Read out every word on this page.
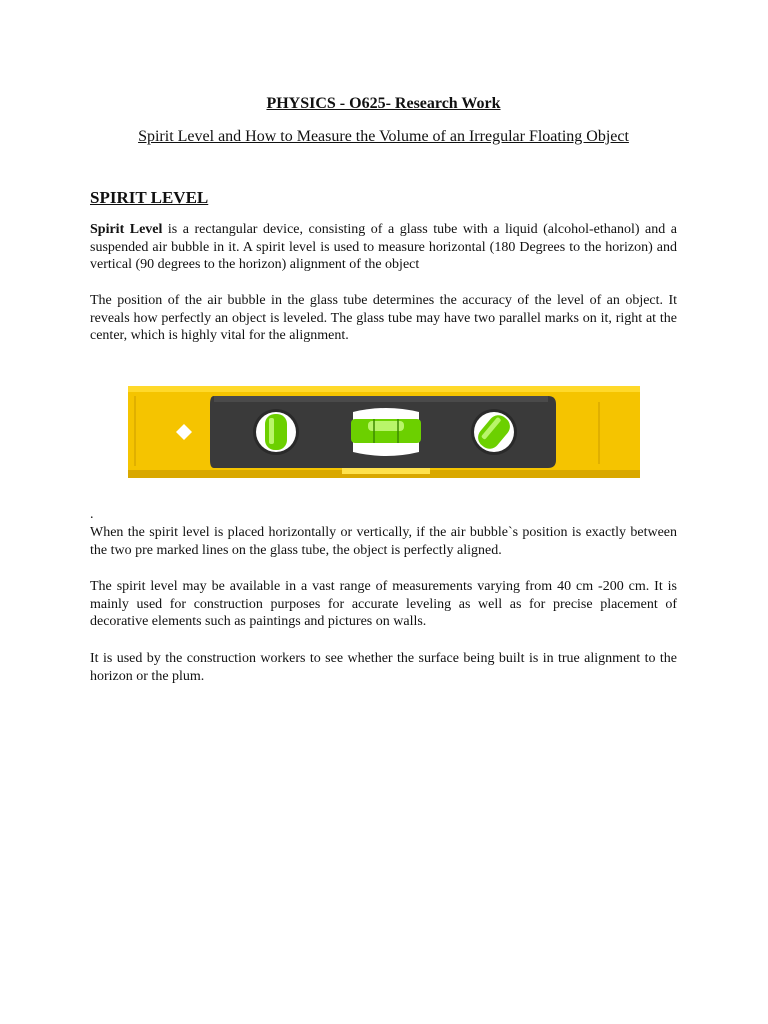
PHYSICS - O625- Research Work
Spirit Level and How to Measure the Volume of an Irregular Floating Object
SPIRIT LEVEL
Spirit Level is a rectangular device, consisting of a glass tube with a liquid (alcohol-ethanol) and a suspended air bubble in it. A spirit level is used to measure horizontal (180 Degrees to the horizon) and vertical (90 degrees to the horizon) alignment of the object
The position of the air bubble in the glass tube determines the accuracy of the level of an object. It reveals how perfectly an object is leveled. The glass tube may have two parallel marks on it, right at the center, which is highly vital for the alignment.
.
When the spirit level is placed horizontally or vertically, if the air bubble`s position is exactly between the two pre marked lines on the glass tube, the object is perfectly aligned.
The spirit level may be available in a vast range of measurements varying from 40 cm -200 cm. It is mainly used for construction purposes for accurate leveling as well as for precise placement of decorative elements such as paintings and pictures on walls.
It is used by the construction workers to see whether the surface being built is in true alignment to the horizon or the plum.
